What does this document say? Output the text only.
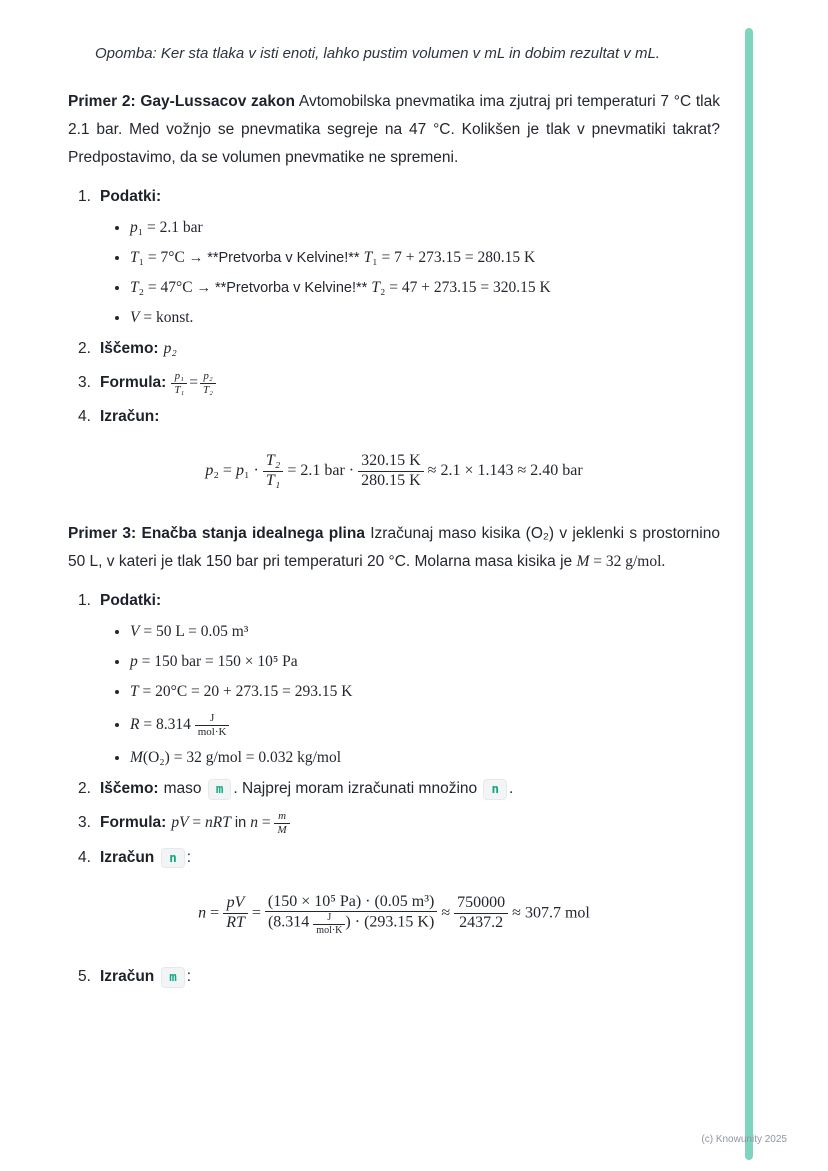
Opomba: Ker sta tlaka v isti enoti, lahko pustim volumen v mL in dobim rezultat v mL.

Primer 2: Gay-Lussacov zakon Avtomobilska pnevmatika ima zjutraj pri temperaturi 7 °C tlak 2.1 bar. Med vožnjo se pnevmatika segreje na 47 °C. Kolikšen je tlak v pnevmatiki takrat? Predpostavimo, da se volumen pnevmatike ne spremeni.

1. Podatki:
• p₁ = 2.1 bar
• T₁ = 7°C → **Pretvorba v Kelvine!** T₁ = 7 + 273.15 = 280.15 K
• T₂ = 47°C → **Pretvorba v Kelvine!** T₂ = 47 + 273.15 = 320.15 K
• V = konst.
2. Iščemo: p₂
3. Formula: $\frac{\text{p₁}}{\text{T₁}} = \frac{\text{p₂}}{\text{T₂}}$
4. Izračun:
$p_2 = p_1 \cdot \frac{\text{T₂}}{\text{T₁}} = 2.1$ bar · $\frac{320.15 K}{280.15 K} \approx 2.1 \times 1.143 \approx 2.40$ bar

Primer 3: Enačba stanja idealnega plina Izračunaj maso kisika (O₂) v jeklenki s prostornino 50 L, v kateri je tlak 150 bar pri temperaturi 20 °C. Molarna masa kisika je M = 32 g/mol.

1. Podatki:
• V = 50 L = 0.05 m³
• p = 150 bar = 150 × 10⁵ Pa
• T = 20°C = 20 + 273.15 = 293.15 K
• $R = 8.314 \frac{J}{\text{mol·K}}$
• M(O₂) = 32 g/mol = 0.032 kg/mol
2. Iščemo: maso m . Najprej moram izračunati množino n .
3. Formula: pV = nRT in $n = \frac{m}{M}$
4. Izračun	n :
$n = \frac{pV}{RT} = \frac{\text{(150 × 10⁵ Pa) · (0.05 m³)}}{(8.314 \frac{J}{\text{mol·K}} ) \cdot (293.15 K)} \approx \frac{750000}{2437.2} \approx 307.7$ mol
5. Izračun	m :
(c) Knowunity 2025
